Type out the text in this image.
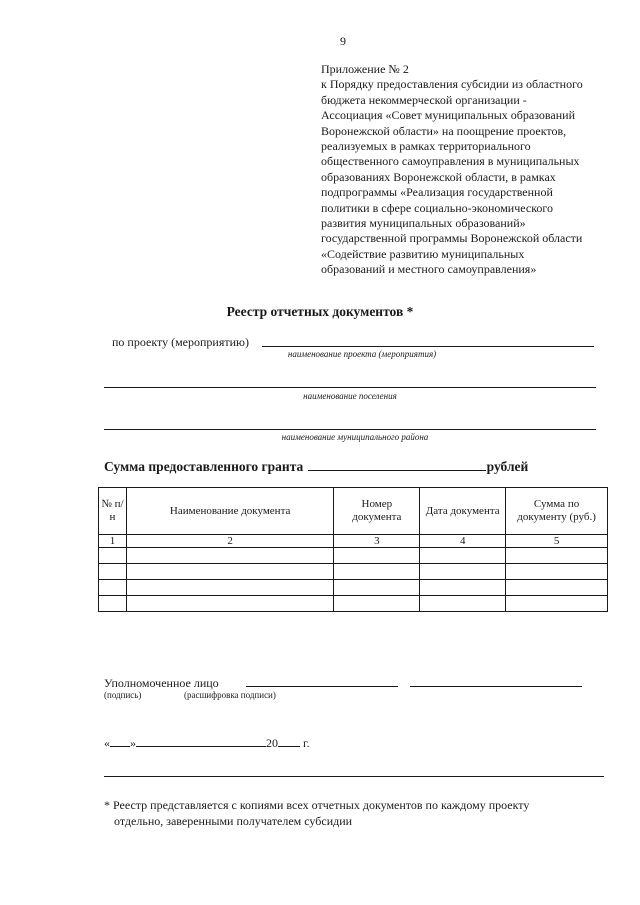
9
Приложение № 2
к Порядку предоставления субсидии из областного
бюджета некоммерческой организации -
Ассоциация «Совет муниципальных образований
Воронежской области» на поощрение проектов,
реализуемых в рамках территориального
общественного самоуправления в муниципальных
образованиях Воронежской области, в рамках
подпрограммы «Реализация государственной
политики в сфере социально-экономического
развития муниципальных образований»
государственной программы Воронежской области
«Содействие развитию муниципальных
образований и местного самоуправления»
Реестр отчетных документов *
по проекту (мероприятию)
наименование проекта (мероприятия)
наименование поселения
наименование муниципального района
Сумма предоставленного гранта	рублей
№ п/н	Наименование документа	Номер документа	Дата документа	Сумма по документу (руб.)
1	2	3	4	5

Уполномоченное лицо
(подпись)	(расшифровка подписи)
« »	20 г.
* Реестр представляется с копиями всех отчетных документов по каждому проекту
отдельно, заверенными получателем субсидии
